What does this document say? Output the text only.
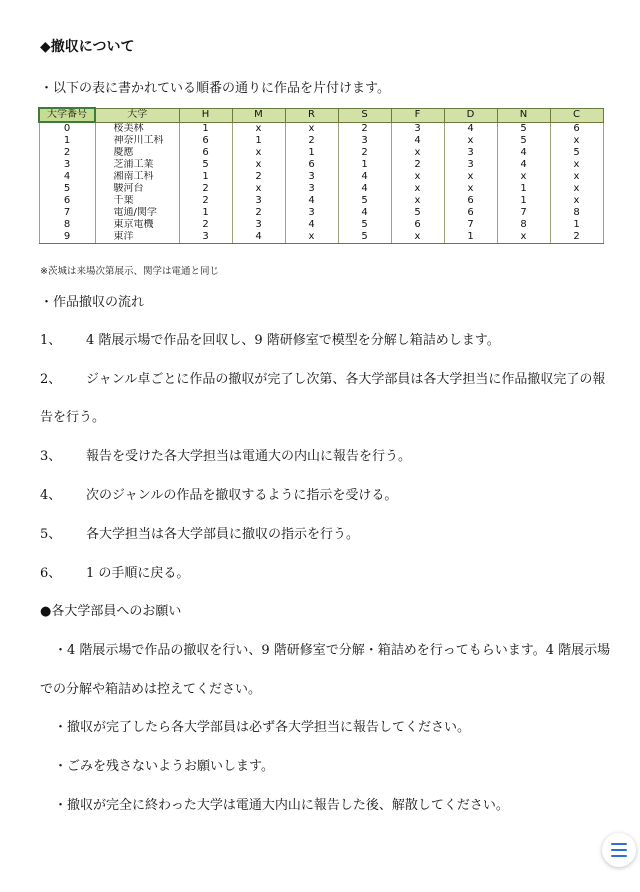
◆撤収について
・以下の表に書かれている順番の通りに作品を片付けます。
大学番号	大学	H	M	R	S	F	D	N	C
0	桜美林	1	x	x	2	3	4	5	6
1	神奈川工科	6	1	2	3	4	x	5	x
2	慶應	6	x	1	2	x	3	4	5
3	芝浦工業	5	x	6	1	2	3	4	x
4	湘南工科	1	2	3	4	x	x	x	x
5	駿河台	2	x	3	4	x	x	1	x
6	千葉	2	3	4	5	x	6	1	x
7	電通/関学	1	2	3	4	5	6	7	8
8	東京電機	2	3	4	5	6	7	8	1
9	東洋	3	4	x	5	x	1	x	2
※茨城は来場次第展示、関学は電通と同じ
・作品撤収の流れ
1、 4 階展示場で作品を回収し、9 階研修室で模型を分解し箱詰めします。
2、 ジャンル卓ごとに作品の撤収が完了し次第、各大学部員は各大学担当に作品撤収完了の報
告を行う。
3、 報告を受けた各大学担当は電通大の内山に報告を行う。
4、 次のジャンルの作品を撤収するように指示を受ける。
5、 各大学担当は各大学部員に撤収の指示を行う。
6、 1 の手順に戻る。
●各大学部員へのお願い
・4 階展示場で作品の撤収を行い、9 階研修室で分解・箱詰めを行ってもらいます。4 階展示場
での分解や箱詰めは控えてください。
・撤収が完了したら各大学部員は必ず各大学担当に報告してください。
・ごみを残さないようお願いします。
・撤収が完全に終わった大学は電通大内山に報告した後、解散してください。
